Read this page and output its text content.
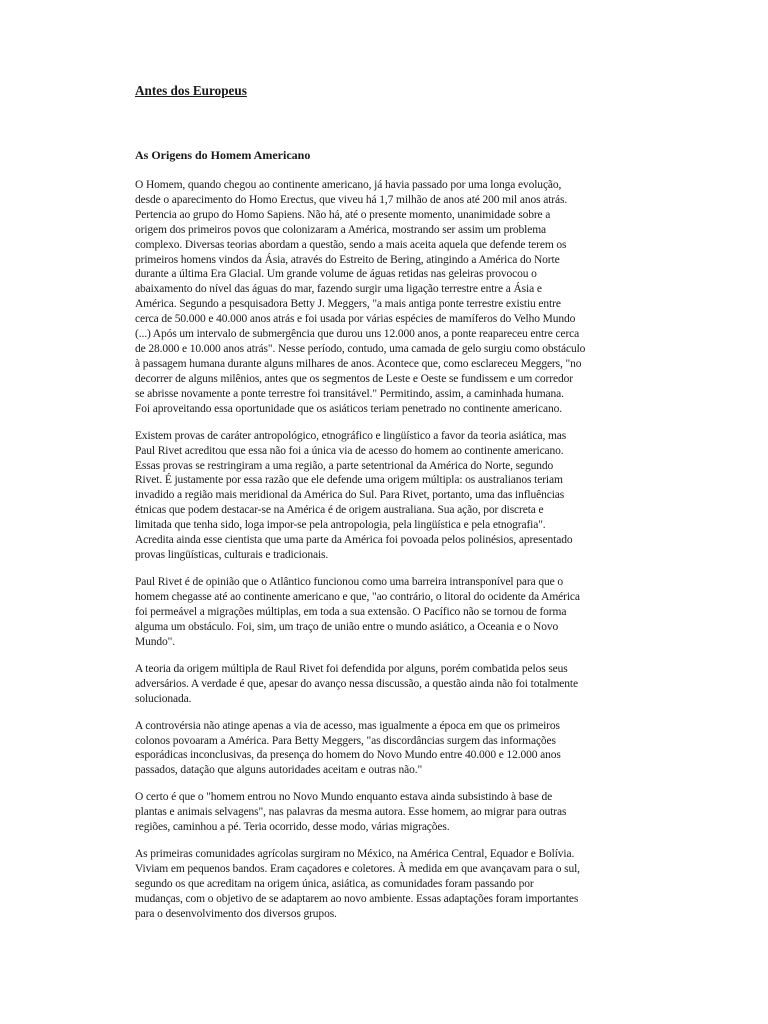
Antes dos Europeus
As Origens do Homem Americano
O Homem, quando chegou ao continente americano, já havia passado por uma longa evolução,
desde o aparecimento do Homo Erectus, que viveu há 1,7 milhão de anos até 200 mil anos atrás.
Pertencia ao grupo do Homo Sapiens. Não há, até o presente momento, unanimidade sobre a
origem dos primeiros povos que colonizaram a América, mostrando ser assim um problema
complexo. Diversas teorias abordam a questão, sendo a mais aceita aquela que defende terem os
primeiros homens vindos da Ásia, através do Estreito de Bering, atingindo a América do Norte
durante a última Era Glacial. Um grande volume de águas retidas nas geleiras provocou o
abaixamento do nível das águas do mar, fazendo surgir uma ligação terrestre entre a Ásia e
América. Segundo a pesquisadora Betty J. Meggers, "a mais antiga ponte terrestre existiu entre
cerca de 50.000 e 40.000 anos atrás e foi usada por várias espécies de mamíferos do Velho Mundo
(...) Após um intervalo de submergência que durou uns 12.000 anos, a ponte reapareceu entre cerca
de 28.000 e 10.000 anos atrás". Nesse período, contudo, uma camada de gelo surgiu como obstáculo
à passagem humana durante alguns milhares de anos. Acontece que, como esclareceu Meggers, "no
decorrer de alguns milênios, antes que os segmentos de Leste e Oeste se fundissem e um corredor
se abrisse novamente a ponte terrestre foi transitável." Permitindo, assim, a caminhada humana.
Foi aproveitando essa oportunidade que os asiáticos teriam penetrado no continente americano.
Existem provas de caráter antropológico, etnográfico e lingüístico a favor da teoria asiática, mas
Paul Rivet acreditou que essa não foi a única via de acesso do homem ao continente americano.
Essas provas se restringiram a uma região, a parte setentrional da América do Norte, segundo
Rivet. É justamente por essa razão que ele defende uma origem múltipla: os australianos teriam
invadido a região mais meridional da América do Sul. Para Rivet, portanto, uma das influências
étnicas que podem destacar-se na América é de origem australiana. Sua ação, por discreta e
limitada que tenha sido, loga impor-se pela antropologia, pela lingüística e pela etnografia".
Acredita ainda esse cientista que uma parte da América foi povoada pelos polinésios, apresentado
provas lingüísticas, culturais e tradicionais.
Paul Rivet é de opinião que o Atlântico funcionou como uma barreira intransponível para que o
homem chegasse até ao continente americano e que, "ao contrário, o litoral do ocidente da América
foi permeável a migrações múltiplas, em toda a sua extensão. O Pacífico não se tornou de forma
alguma um obstáculo. Foi, sim, um traço de união entre o mundo asiático, a Oceania e o Novo
Mundo".
A teoria da origem múltipla de Raul Rivet foi defendida por alguns, porém combatida pelos seus
adversários. A verdade é que, apesar do avanço nessa discussão, a questão ainda não foi totalmente
solucionada.
A controvérsia não atinge apenas a via de acesso, mas igualmente a época em que os primeiros
colonos povoaram a América. Para Betty Meggers, "as discordâncias surgem das informações
esporádicas inconclusivas, da presença do homem do Novo Mundo entre 40.000 e 12.000 anos
passados, datação que alguns autoridades aceitam e outras não."
O certo é que o "homem entrou no Novo Mundo enquanto estava ainda subsistindo à base de
plantas e animais selvagens", nas palavras da mesma autora. Esse homem, ao migrar para outras
regiões, caminhou a pé. Teria ocorrido, desse modo, várias migrações.
As primeiras comunidades agrícolas surgiram no México, na América Central, Equador e Bolívia.
Viviam em pequenos bandos. Eram caçadores e coletores. À medida em que avançavam para o sul,
segundo os que acreditam na origem única, asiática, as comunidades foram passando por
mudanças, com o objetivo de se adaptarem ao novo ambiente. Essas adaptações foram importantes
para o desenvolvimento dos diversos grupos.
